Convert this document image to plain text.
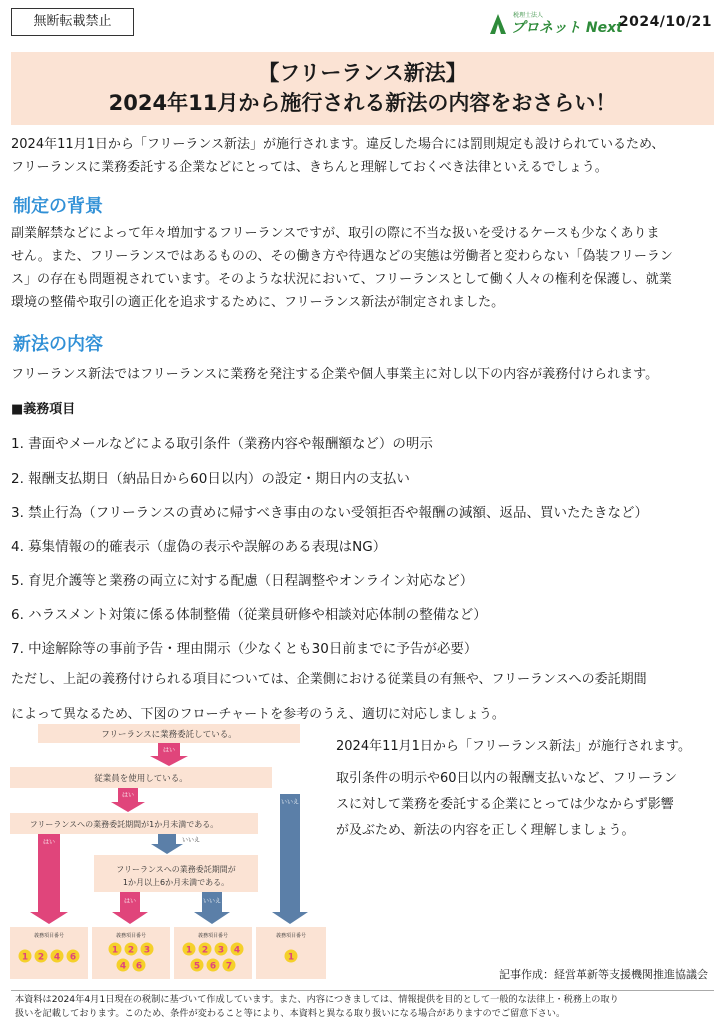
無断転載禁止	税理士法人
プロネット Next
2024/10/21
【フリーランス新法】
2024年11月から施行される新法の内容をおさらい！
2024年11月1日から「フリーランス新法」が施行されます。違反した場合には罰則規定も設けられているため、
フリーランスに業務委託する企業などにとっては、きちんと理解しておくべき法律といえるでしょう。
制定の背景
副業解禁などによって年々増加するフリーランスですが、取引の際に不当な扱いを受けるケースも少なくありま
せん。また、フリーランスではあるものの、その働き方や待遇などの実態は労働者と変わらない「偽装フリーラン
ス」の存在も問題視されています。そのような状況において、フリーランスとして働く人々の権利を保護し、就業
環境の整備や取引の適正化を追求するために、フリーランス新法が制定されました。
新法の内容
フリーランス新法ではフリーランスに業務を発注する企業や個人事業主に対し以下の内容が義務付けられます。
■義務項目
1. 書面やメールなどによる取引条件（業務内容や報酬額など）の明示
2. 報酬支払期日（納品日から60日以内）の設定・期日内の支払い
3. 禁止行為（フリーランスの責めに帰すべき事由のない受領拒否や報酬の減額、返品、買いたたきなど）
4. 募集情報の的確表示（虚偽の表示や誤解のある表現はNG）
5. 育児介護等と業務の両立に対する配慮（日程調整やオンライン対応など）
6. ハラスメント対策に係る体制整備（従業員研修や相談対応体制の整備など）
7. 中途解除等の事前予告・理由開示（少なくとも30日前までに予告が必要）
ただし、上記の義務付けられる項目については、企業側における従業員の有無や、フリーランスへの委託期間
によって異なるため、下図のフローチャートを参考のうえ、適切に対応しましょう。
フリーランスに業務委託している。
はい
従業員を使用している。
はい
いいえ
フリーランスへの業務委託期間が1か月未満である。
はい	いいえ
フリーランスへの業務委託期間が
1か月以上6か月未満である。
はい	いいえ
義務項目番号	義務項目番号	義務項目番号	義務項目番号
1 2 4 6
1 2 3
4 6
1 2 3 4
5 6 7
1
2024年11月1日から「フリーランス新法」が施行されます。
取引条件の明示や60日以内の報酬支払いなど、フリーラン
スに対して業務を委託する企業にとっては少なからず影響
が及ぶため、新法の内容を正しく理解しましょう。
記事作成：経営革新等支援機関推進協議会
本資料は2024年4月1日現在の税制に基づいて作成しています。また、内容につきましては、情報提供を目的として一般的な法律上・税務上の取り
扱いを記載しております。このため、条件が変わること等により、本資料と異なる取り扱いになる場合がありますのでご留意下さい。
